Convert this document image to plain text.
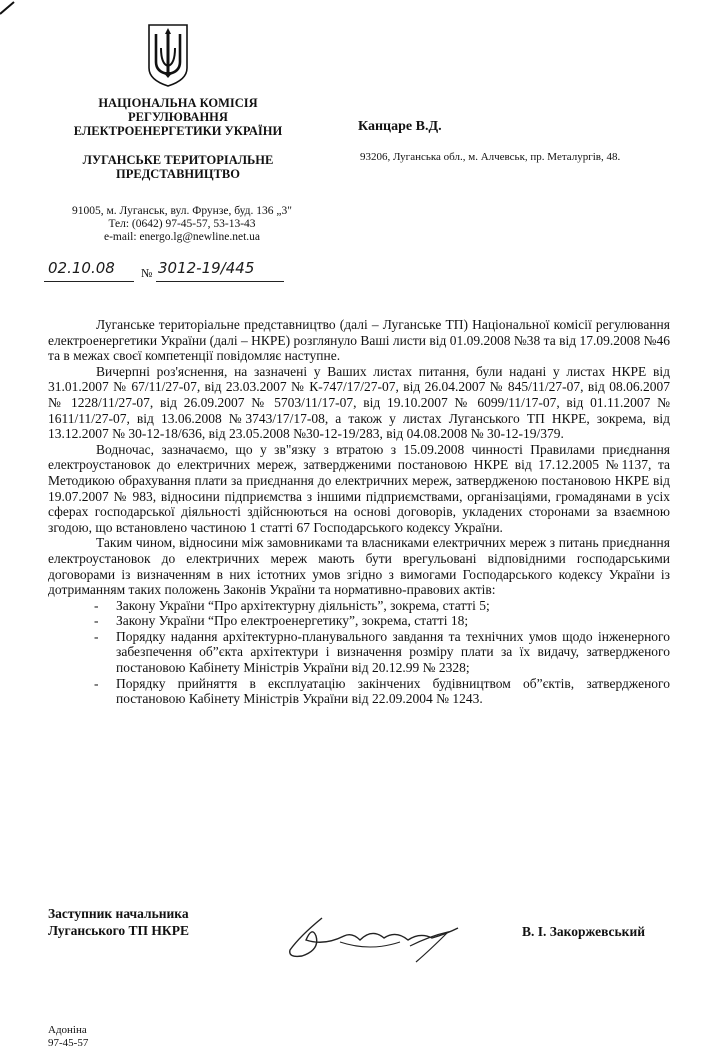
НАЦІОНАЛЬНА КОМІСІЯ РЕГУЛЮВАННЯ ЕЛЕКТРОЕНЕРГЕТИКИ УКРАЇНИ
ЛУГАНСЬКЕ ТЕРИТОРІАЛЬНЕ ПРЕДСТАВНИЦТВО
91005, м. Луганськ, вул. Фрунзе, буд. 136 „3"
Тел: (0642) 97-45-57, 53-13-43
e-mail: energo.lg@newline.net.ua
Канцаре В.Д.
93206, Луганська обл., м. Алчевськ, пр. Металургів, 48.
02.10.08 № 3012-19/445

Луганське територіальне представництво (далі – Луганське ТП) Національної комісії регулювання електроенергетики України (далі – НКРЕ) розглянуло Ваші листи від 01.09.2008 №38 та від 17.09.2008 №46 та в межах своєї компетенції повідомляє наступне.

Вичерпні роз'яснення, на зазначені у Ваших листах питання, були надані у листах НКРЕ від 31.01.2007 № 67/11/27-07, від 23.03.2007 № К-747/17/27-07, від 26.04.2007 № 845/11/27-07, від 08.06.2007 № 1228/11/27-07, від 26.09.2007 № 5703/11/17-07, від 19.10.2007 № 6099/11/17-07, від 01.11.2007 № 1611/11/27-07, від 13.06.2008 №3743/17/17-08, а також у листах Луганського ТП НКРЕ, зокрема, від 13.12.2007 № 30-12-18/636, від 23.05.2008 №30-12-19/283, від 04.08.2008 № 30-12-19/379.

Водночас, зазначаємо, що у зв"язку з втратою з 15.09.2008 чинності Правилами приєднання електроустановок до електричних мереж, затвердженими постановою НКРЕ від 17.12.2005 №1137, та Методикою обрахування плати за приєднання до електричних мереж, затвердженою постановою НКРЕ від 19.07.2007 № 983, відносини підприємства з іншими підприємствами, організаціями, громадянами в усіх сферах господарської діяльності здійснюються на основі договорів, укладених сторонами за взаємною згодою, що встановлено частиною 1 статті 67 Господарського кодексу України.

Таким чином, відносини між замовниками та власниками електричних мереж з питань приєднання електроустановок до електричних мереж мають бути врегульовані відповідними господарськими договорами із визначенням в них істотних умов згідно з вимогами Господарського кодексу України із дотриманням таких положень Законів України та нормативно-правових актів:

- Закону України “Про архітектурну діяльність”, зокрема, статті 5;
- Закону України “Про електроенергетику”, зокрема, статті 18;
- Порядку надання архітектурно-планувального завдання та технічних умов щодо інженерного забезпечення об”єкта архітектури і визначення розміру плати за їх видачу, затвердженого постановою Кабінету Міністрів України від 20.12.99 № 2328;
- Порядку прийняття в експлуатацію закінчених будівництвом об”єктів, затвердженого постановою Кабінету Міністрів України від 22.09.2004 № 1243.
Заступник начальника
Луганського ТП НКРЕ	В. І. Закоржевський
Адоніна
97-45-57
